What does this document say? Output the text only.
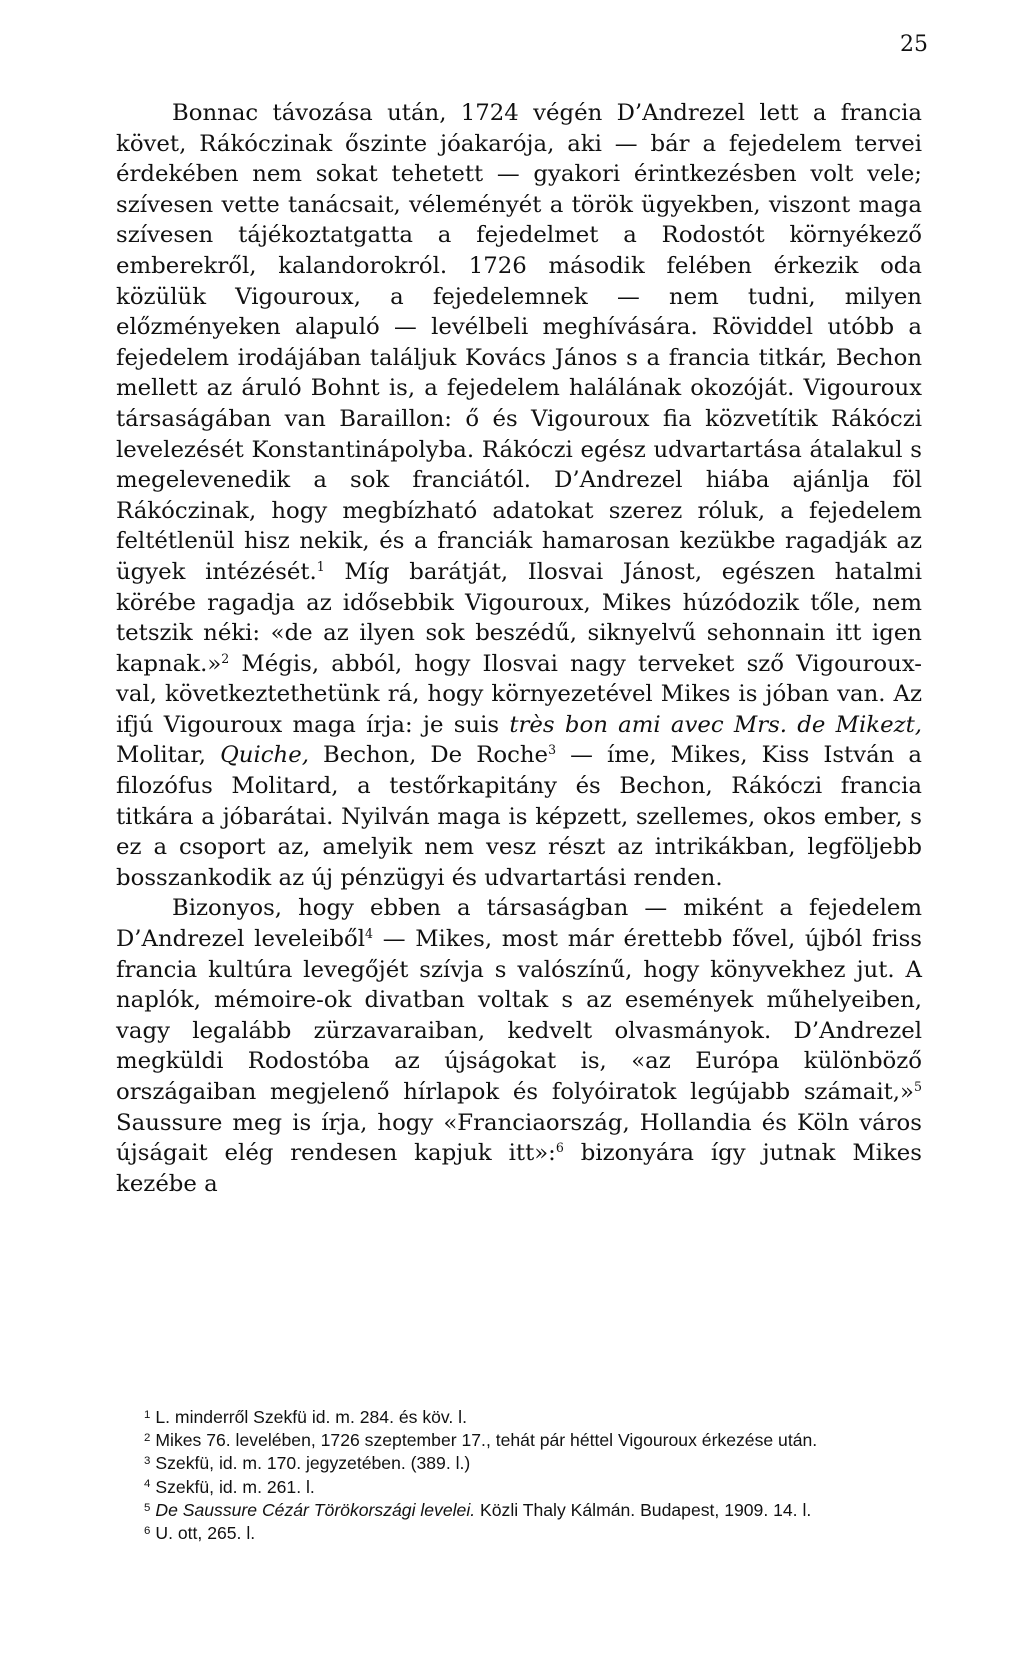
25

Bonnac távozása után, 1724 végén D’Andrezel lett a francia követ, Rákóczinak őszinte jóakarója, aki — bár a fejedelem tervei érdekében nem sokat tehetett — gyakori érintkezésben volt vele; szívesen vette tanácsait, véleményét a török ügyekben, viszont maga szívesen tájékoztatgatta a fejedelmet a Rodostót környékező emberekről, kalandorokról. 1726 második felében érkezik oda közülük Vigouroux, a fejedelemnek — nem tudni, milyen előzményeken alapuló — levélbeli meghívására. Röviddel utóbb a fejedelem irodájában találjuk Kovács János s a francia titkár, Bechon mellett az áruló Bohnt is, a fejedelem halálának okozóját. Vigouroux társaságában van Baraillon: ő és Vigouroux fia közvetítik Rákóczi levelezését Konstantinápolyba. Rákóczi egész udvartartása átalakul s megelevenedik a sok franciától. D’Andrezel hiába ajánlja föl Rákóczinak, hogy megbízható adatokat szerez róluk, a fejedelem feltétlenül hisz nekik, és a franciák hamarosan kezükbe ragadják az ügyek intézését.$^1$ Míg barátját, Ilosvai Jánost, egészen hatalmi körébe ragadja az idősebbik Vigouroux, Mikes húzódozik tőle, nem tetszik néki: «de az ilyen sok beszédű, siknyelvű sehonnain itt igen kapnak.»$^2$ Mégis, abból, hogy Ilosvai nagy terveket sző Vigouroux-val, következtethetünk rá, hogy környezetével Mikes is jóban van. Az ifjú Vigouroux maga írja: je suis très bon ami avec Mrs. de Mikezt, Molitar, Quiche, Bechon, De Roche$^3$ — íme, Mikes, Kiss István a filozófus Molitard, a testőrkapitány és Bechon, Rákóczi francia titkára a jóbarátai. Nyilván maga is képzett, szellemes, okos ember, s ez a csoport az, amelyik nem vesz részt az intrikákban, legföljebb bosszankodik az új pénzügyi és udvartartási renden.

Bizonyos, hogy ebben a társaságban — miként a fejedelem D’Andrezel leveleiből$^4$ — Mikes, most már érettebb fővel, újból friss francia kultúra levegőjét szívja s valószínű, hogy könyvekhez jut. A naplók, mémoire-ok divatban voltak s az események műhelyeiben, vagy legalább zürzavaraiban, kedvelt olvasmányok. D’Andrezel megküldi Rodostóba az újságokat is, «az Európa különböző országaiban megjelenő hírlapok és folyóiratok legújabb számait,»$^5$ Saussure meg is írja, hogy «Franciaország, Hollandia és Köln város újságait elég rendesen kapjuk itt»:$^6$ bizonyára így jutnak Mikes kezébe a

$^1$ L. minderről Szekfü id. m. 284. és köv. l.

$^2$ Mikes 76. levelében, 1726 szeptember 17., tehát pár héttel Vigouroux érkezése után.

$^3$ Szekfü, id. m. 170. jegyzetében. (389. l.)

$^4$ Szekfü, id. m. 261. l.

$^5$ De Saussure Cézár Törökországi levelei. Közli Thaly Kálmán. Budapest, 1909. 14. l.

$^6$ U. ott, 265. l.
